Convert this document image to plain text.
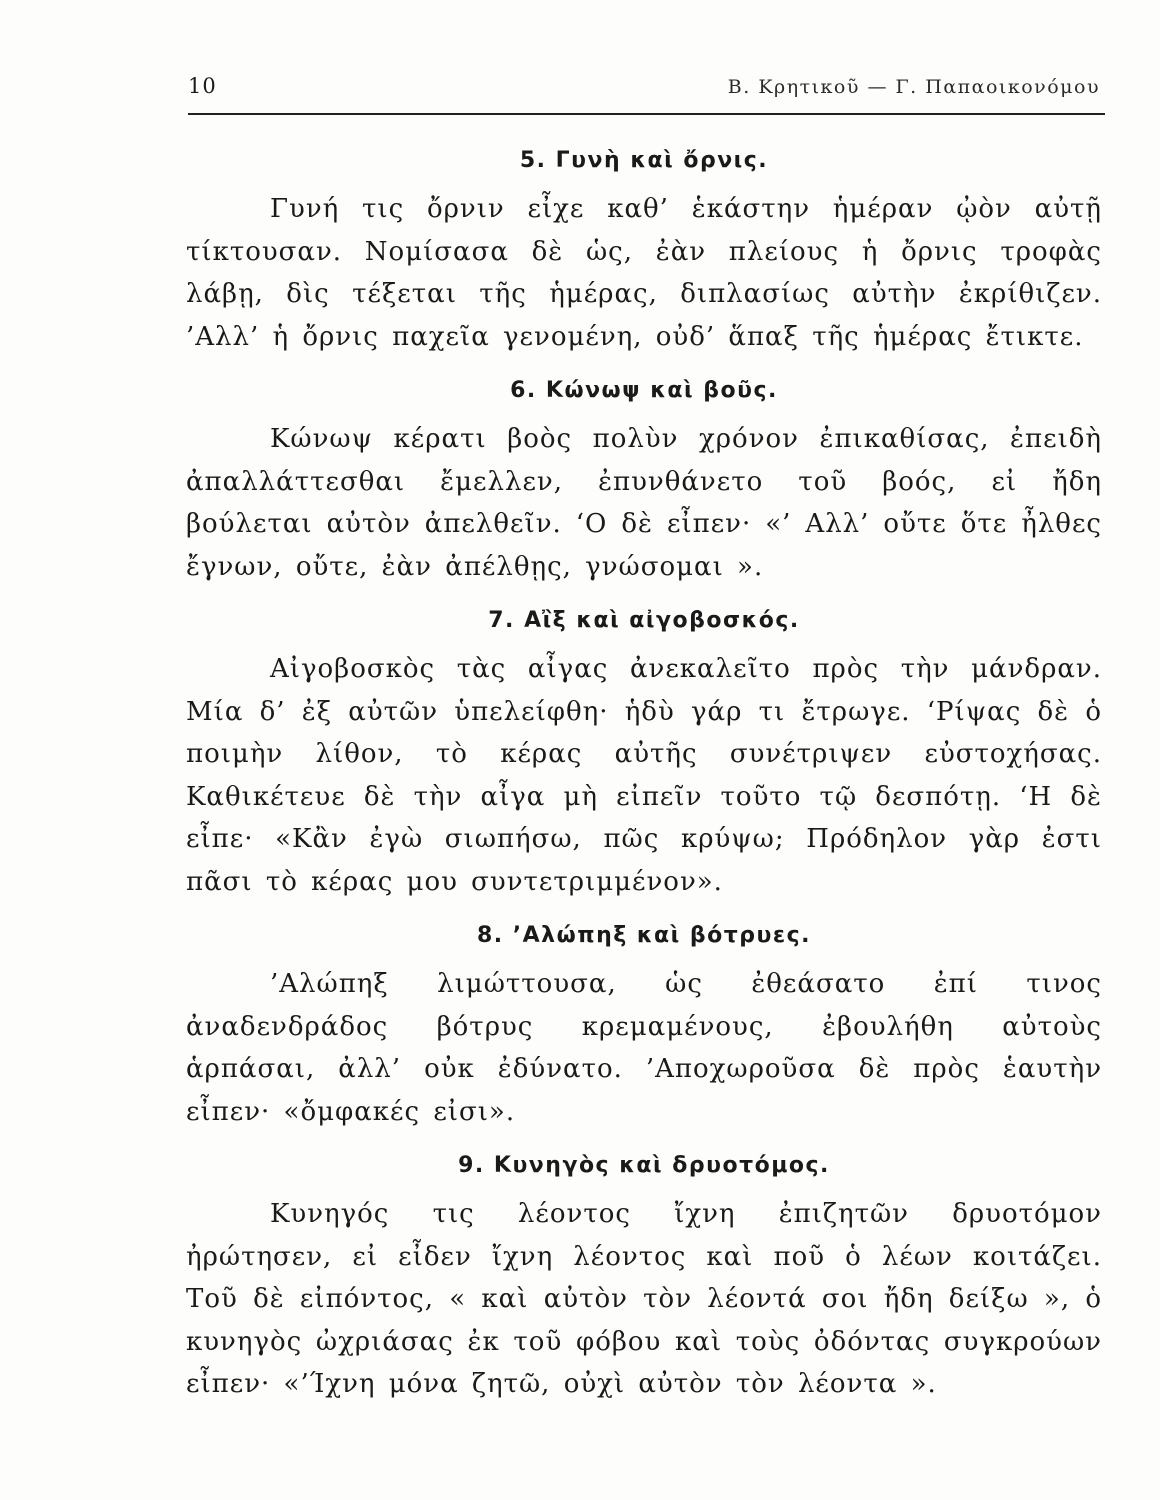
10	Β. Κρητικοῦ — Γ. Παπαοικονόμου
5. Γυνὴ καὶ ὄρνις.

Γυνή τις ὄρνιν εἶχε καθ’ ἑκάστην ἡμέραν ᾠὸν αὐτῇ τίκτουσαν. Νομίσασα δὲ ὡς, ἐὰν πλείους ἡ ὄρνις τροφὰς λάβῃ, δὶς τέξεται τῆς ἡμέρας, διπλασίως αὐτὴν ἐκρίθιζεν. ’Αλλ’ ἡ ὄρνις παχεῖα γενομένη, οὐδ’ ἅπαξ τῆς ἡμέρας ἔτικτε.

6. Κώνωψ καὶ βοῦς.

Κώνωψ κέρατι βοὸς πολὺν χρόνον ἐπικαθίσας, ἐπειδὴ ἀπαλλάττεσθαι ἔμελλεν, ἐπυνθάνετο τοῦ βοός, εἰ ἤδη βούλεται αὐτὸν ἀπελθεῖν. ‘Ο δὲ εἶπεν· «’ Αλλ’ οὔτε ὅτε ἦλθες ἔγνων, οὔτε, ἐὰν ἀπέλθῃς, γνώσομαι ».

7. Αἲξ καὶ αἰγοβοσκός.

Αἰγοβοσκὸς τὰς αἶγας ἀνεκαλεῖτο πρὸς τὴν μάνδραν. Μία δ’ ἐξ αὐτῶν ὑπελείφθη· ἡδὺ γάρ τι ἔτρωγε. ‘Ρίψας δὲ ὁ ποιμὴν λίθον, τὸ κέρας αὐτῆς συνέτριψεν εὐστοχήσας. Καθικέτευε δὲ τὴν αἶγα μὴ εἰπεῖν τοῦτο τῷ δεσπότῃ. ‘Η δὲ εἶπε· «Κἂν ἐγὼ σιωπήσω, πῶς κρύψω; Πρόδηλον γὰρ ἐστι πᾶσι τὸ κέρας μου συντετριμμένον».

8. ’Αλώπηξ καὶ βότρυες.

’Αλώπηξ λιμώττουσα, ὡς ἐθεάσατο ἐπί τινος ἀναδενδράδος βότρυς κρεμαμένους, ἐβουλήθη αὐτοὺς ἁρπάσαι, ἀλλ’ οὐκ ἐδύνατο. ’Αποχωροῦσα δὲ πρὸς ἑαυτὴν εἶπεν· «ὄμφακές εἰσι».

9. Κυνηγὸς καὶ δρυοτόμος.

Κυνηγός τις λέοντος ἴχνη ἐπιζητῶν δρυοτόμον ἠρώτησεν, εἰ εἶδεν ἴχνη λέοντος καὶ ποῦ ὁ λέων κοιτάζει. Τοῦ δὲ εἰπόντος, « καὶ αὐτὸν τὸν λέοντά σοι ἤδη δείξω », ὁ κυνηγὸς ὠχριάσας ἐκ τοῦ φόβου καὶ τοὺς ὀδόντας συγκρούων εἶπεν· «’Ίχνη μόνα ζητῶ, οὐχὶ αὐτὸν τὸν λέοντα ».
